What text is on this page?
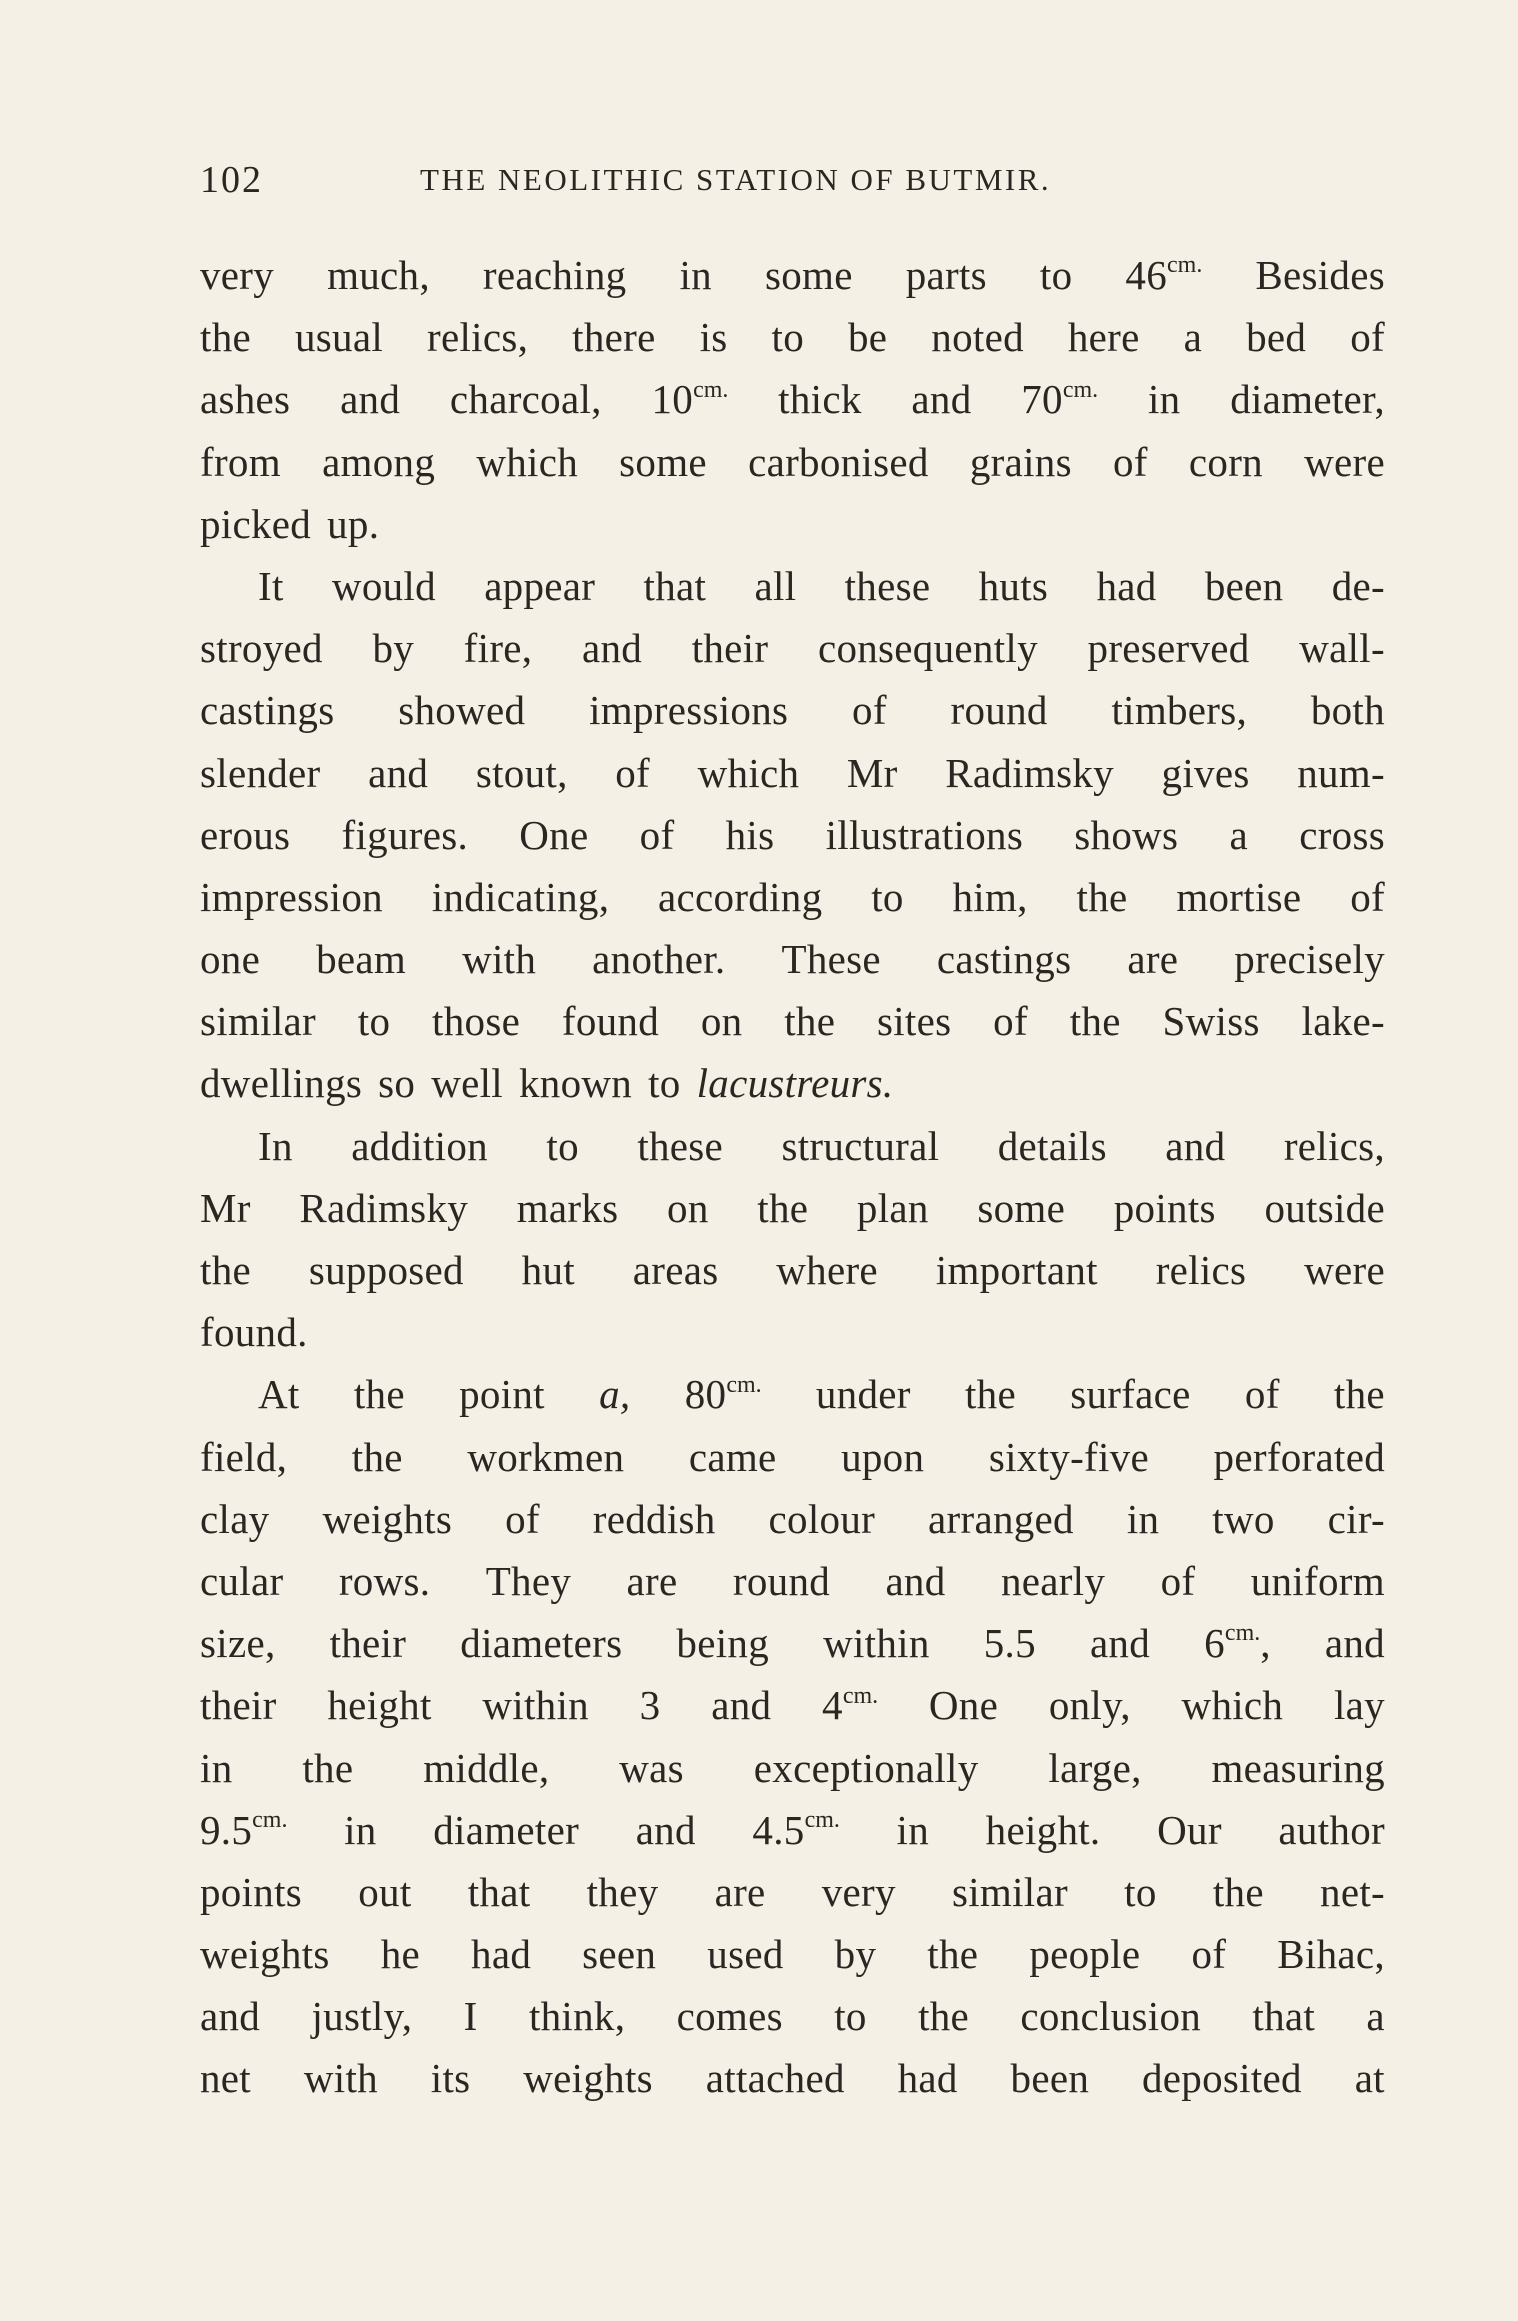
102	THE NEOLITHIC STATION OF BUTMIR.
very much, reaching in some parts to $46^{cm.}$ Besides
the usual relics, there is to be noted here a bed of
ashes and charcoal, $10^{cm.}$ thick and $70^{cm.}$ in diameter,
from among which some carbonised grains of corn were
picked up.
It would appear that all these huts had been de-
stroyed by fire, and their consequently preserved wall-
castings showed impressions of round timbers, both
slender and stout, of which Mr Radimsky gives num-
erous figures. One of his illustrations shows a cross
impression indicating, according to him, the mortise of
one beam with another. These castings are precisely
similar to those found on the sites of the Swiss lake-
dwellings so well known to lacustreurs.
In addition to these structural details and relics,
Mr Radimsky marks on the plan some points outside
the supposed hut areas where important relics were
found.
At the point a, $80^{cm.}$ under the surface of the
field, the workmen came upon sixty-five perforated
clay weights of reddish colour arranged in two cir-
cular rows. They are round and nearly of uniform
size, their diameters being within 5.5 and $6^{cm.}$, and
their height within 3 and $4^{cm.}$ One only, which lay
in the middle, was exceptionally large, measuring
$9.5^{cm.}$ in diameter and $4.5^{cm.}$ in height. Our author
points out that they are very similar to the net-
weights he had seen used by the people of Bihac,
and justly, I think, comes to the conclusion that a
net with its weights attached had been deposited at
